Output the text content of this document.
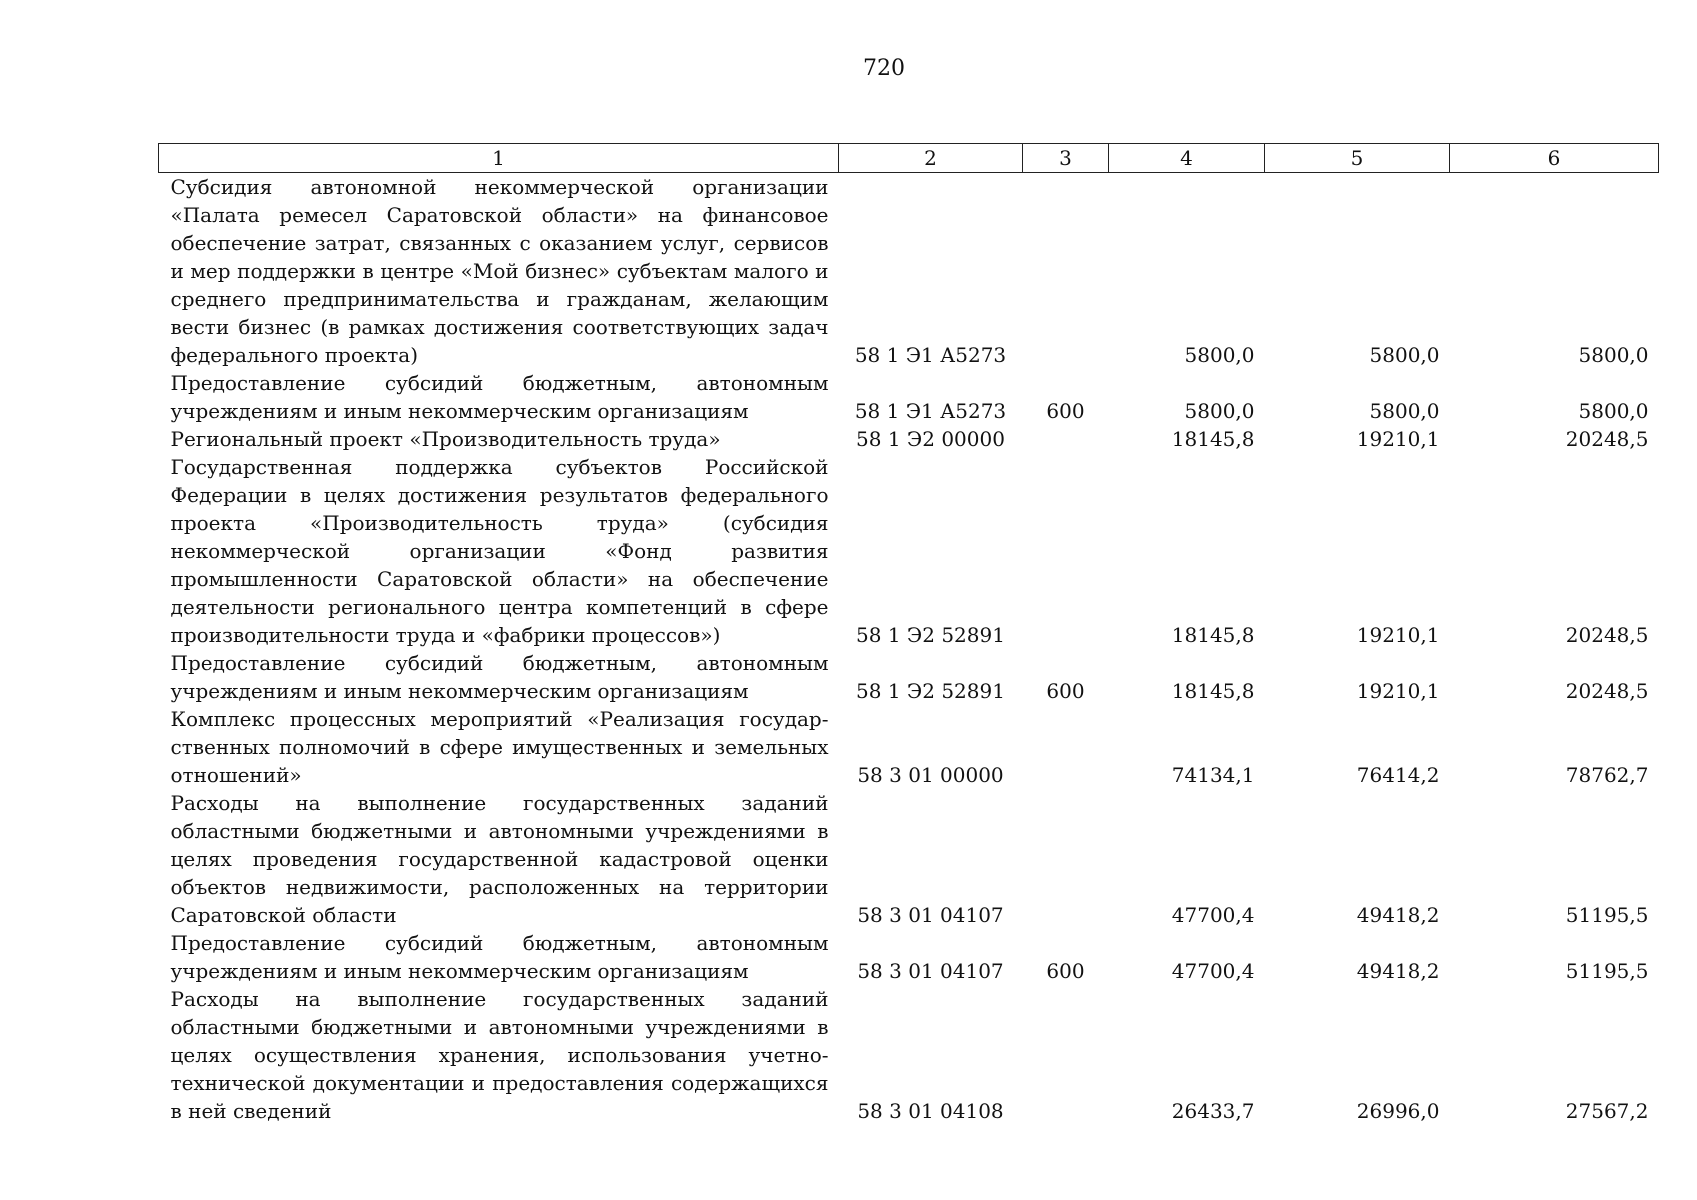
720
1	2	3	4	5	6
Субсидия автономной некоммерческой организации «Палата ремесел Саратовской области» на финансовое обеспечение затрат, связанных с оказанием услуг, сервисов и мер поддержки в центре «Мой бизнес» субъектам малого и среднего предпринимательства и гражданам, желающим вести бизнес (в рамках достижения соответствующих задач федерального проекта)	58 1 Э1 А5273		5800,0	5800,0	5800,0
Предоставление субсидий бюджетным, автономным учреждениям и иным некоммерческим организациям	58 1 Э1 А5273	600	5800,0	5800,0	5800,0
Региональный проект «Производительность труда»	58 1 Э2 00000		18145,8	19210,1	20248,5
Государственная поддержка субъектов Российской Федерации в целях достижения результатов федерального проекта «Производительность труда» (субсидия некоммерческой организации «Фонд развития промышленности Саратовской области» на обеспечение деятельности регионального центра компетенций в сфере производительности труда и «фабрики процессов»)	58 1 Э2 52891		18145,8	19210,1	20248,5
Предоставление субсидий бюджетным, автономным учреждениям и иным некоммерческим организациям	58 1 Э2 52891	600	18145,8	19210,1	20248,5
Комплекс процессных мероприятий «Реализация государственных полномочий в сфере имущественных и земельных отношений»	58 3 01 00000		74134,1	76414,2	78762,7
Расходы на выполнение государственных заданий областными бюджетными и автономными учреждениями в целях проведения государственной кадастровой оценки объектов недвижимости, расположенных на территории Саратовской области	58 3 01 04107		47700,4	49418,2	51195,5
Предоставление субсидий бюджетным, автономным учреждениям и иным некоммерческим организациям	58 3 01 04107	600	47700,4	49418,2	51195,5
Расходы на выполнение государственных заданий областными бюджетными и автономными учреждениями в целях осуществления хранения, использования учетно-технической документации и предоставления содержащихся в ней сведений	58 3 01 04108		26433,7	26996,0	27567,2
